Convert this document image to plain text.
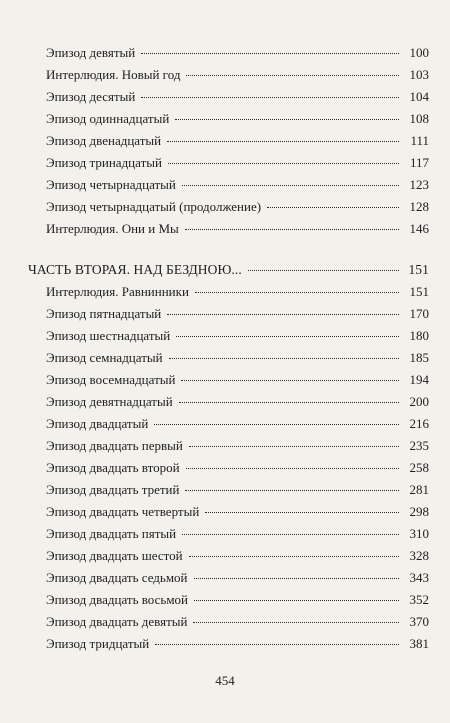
Эпизод девятый	100
Интерлюдия. Новый год	103
Эпизод десятый	104
Эпизод одиннадцатый	108
Эпизод двенадцатый	111
Эпизод тринадцатый	117
Эпизод четырнадцатый	123
Эпизод четырнадцатый (продолжение)	128
Интерлюдия. Они и Мы	146
ЧАСТЬ ВТОРАЯ. НАД БЕЗДНОЮ...	151
Интерлюдия. Равнинники	151
Эпизод пятнадцатый	170
Эпизод шестнадцатый	180
Эпизод семнадцатый	185
Эпизод восемнадцатый	194
Эпизод девятнадцатый	200
Эпизод двадцатый	216
Эпизод двадцать первый	235
Эпизод двадцать второй	258
Эпизод двадцать третий	281
Эпизод двадцать четвертый	298
Эпизод двадцать пятый	310
Эпизод двадцать шестой	328
Эпизод двадцать седьмой	343
Эпизод двадцать восьмой	352
Эпизод двадцать девятый	370
Эпизод тридцатый	381
454
